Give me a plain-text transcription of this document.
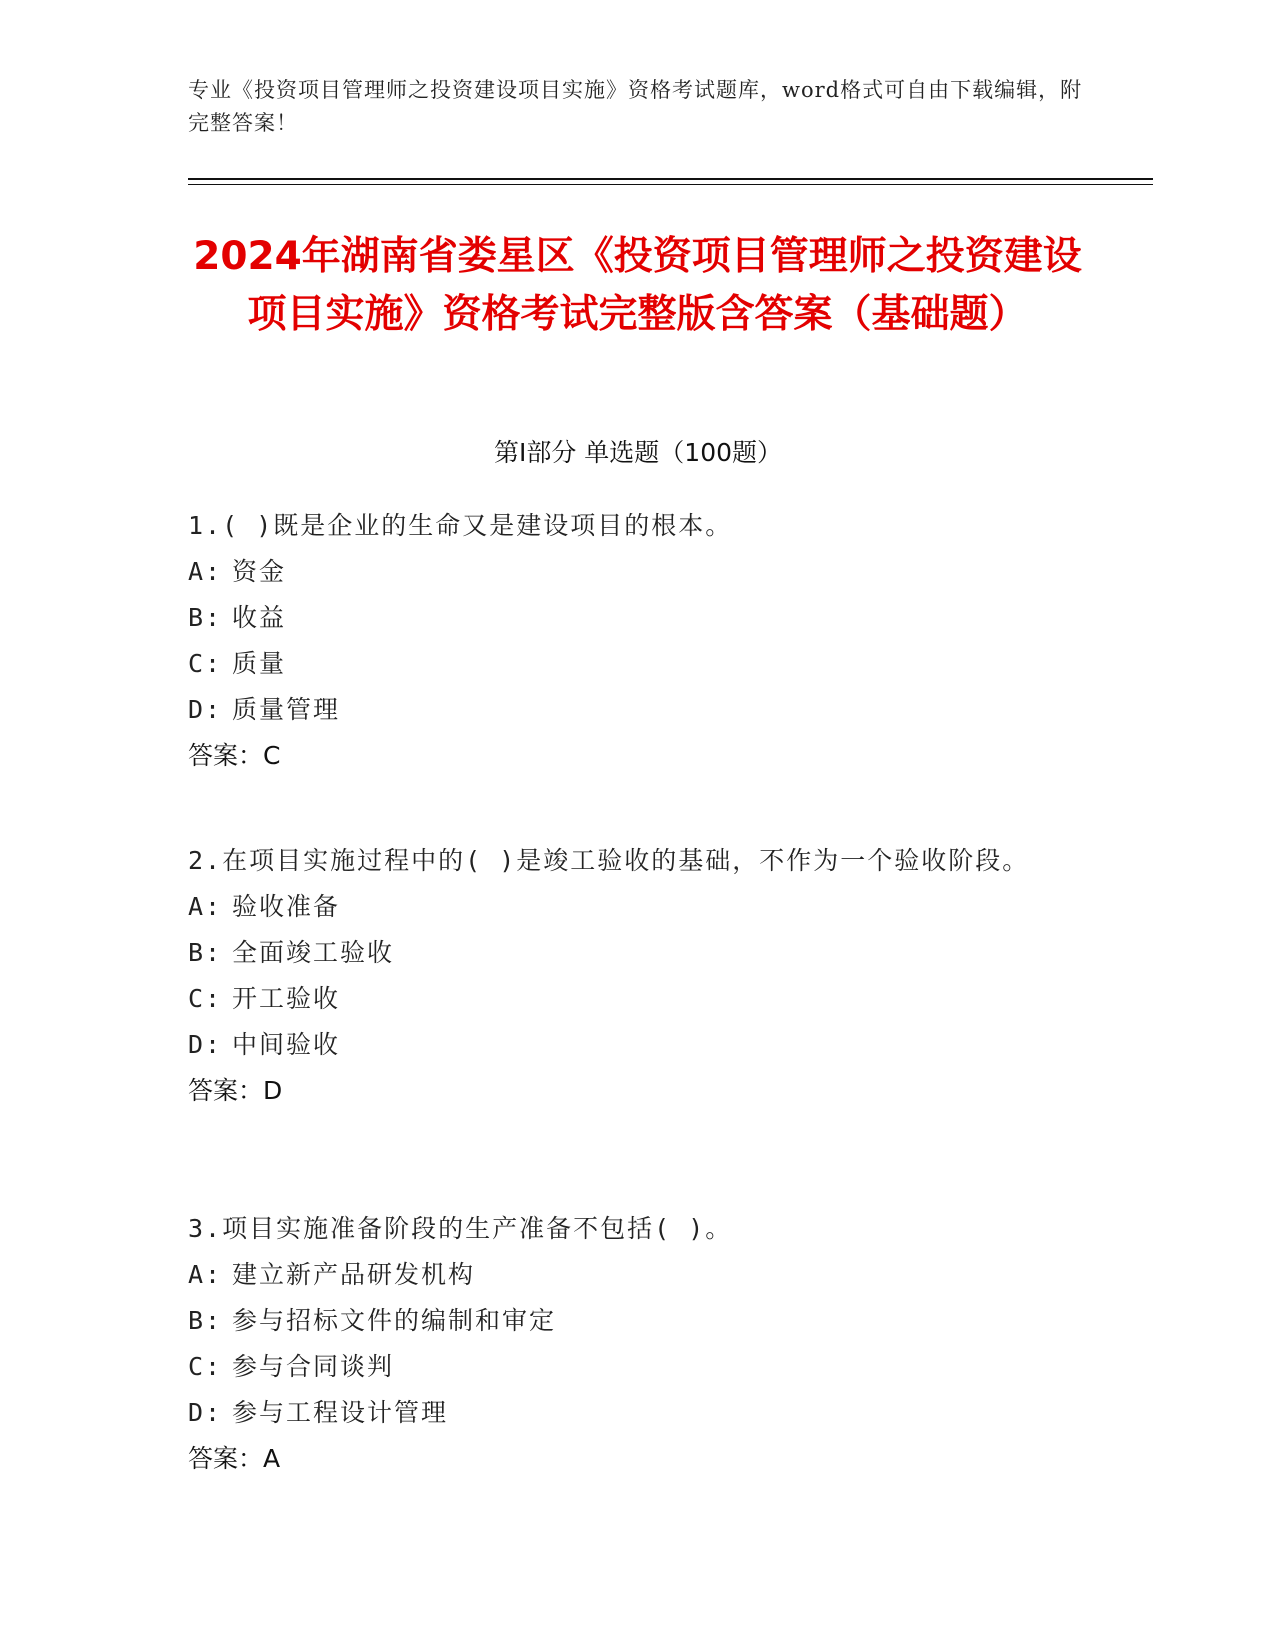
专业《投资项目管理师之投资建设项目实施》资格考试题库，word格式可自由下载编辑，附完整答案！
2024年湖南省娄星区《投资项目管理师之投资建设项目实施》资格考试完整版含答案（基础题）
第I部分 单选题（100题）
1.( )既是企业的生命又是建设项目的根本。
A: 资金
B: 收益
C: 质量
D: 质量管理
答案：C
2.在项目实施过程中的( )是竣工验收的基础，不作为一个验收阶段。
A: 验收准备
B: 全面竣工验收
C: 开工验收
D: 中间验收
答案：D
3.项目实施准备阶段的生产准备不包括( )。
A: 建立新产品研发机构
B: 参与招标文件的编制和审定
C: 参与合同谈判
D: 参与工程设计管理
答案：A
